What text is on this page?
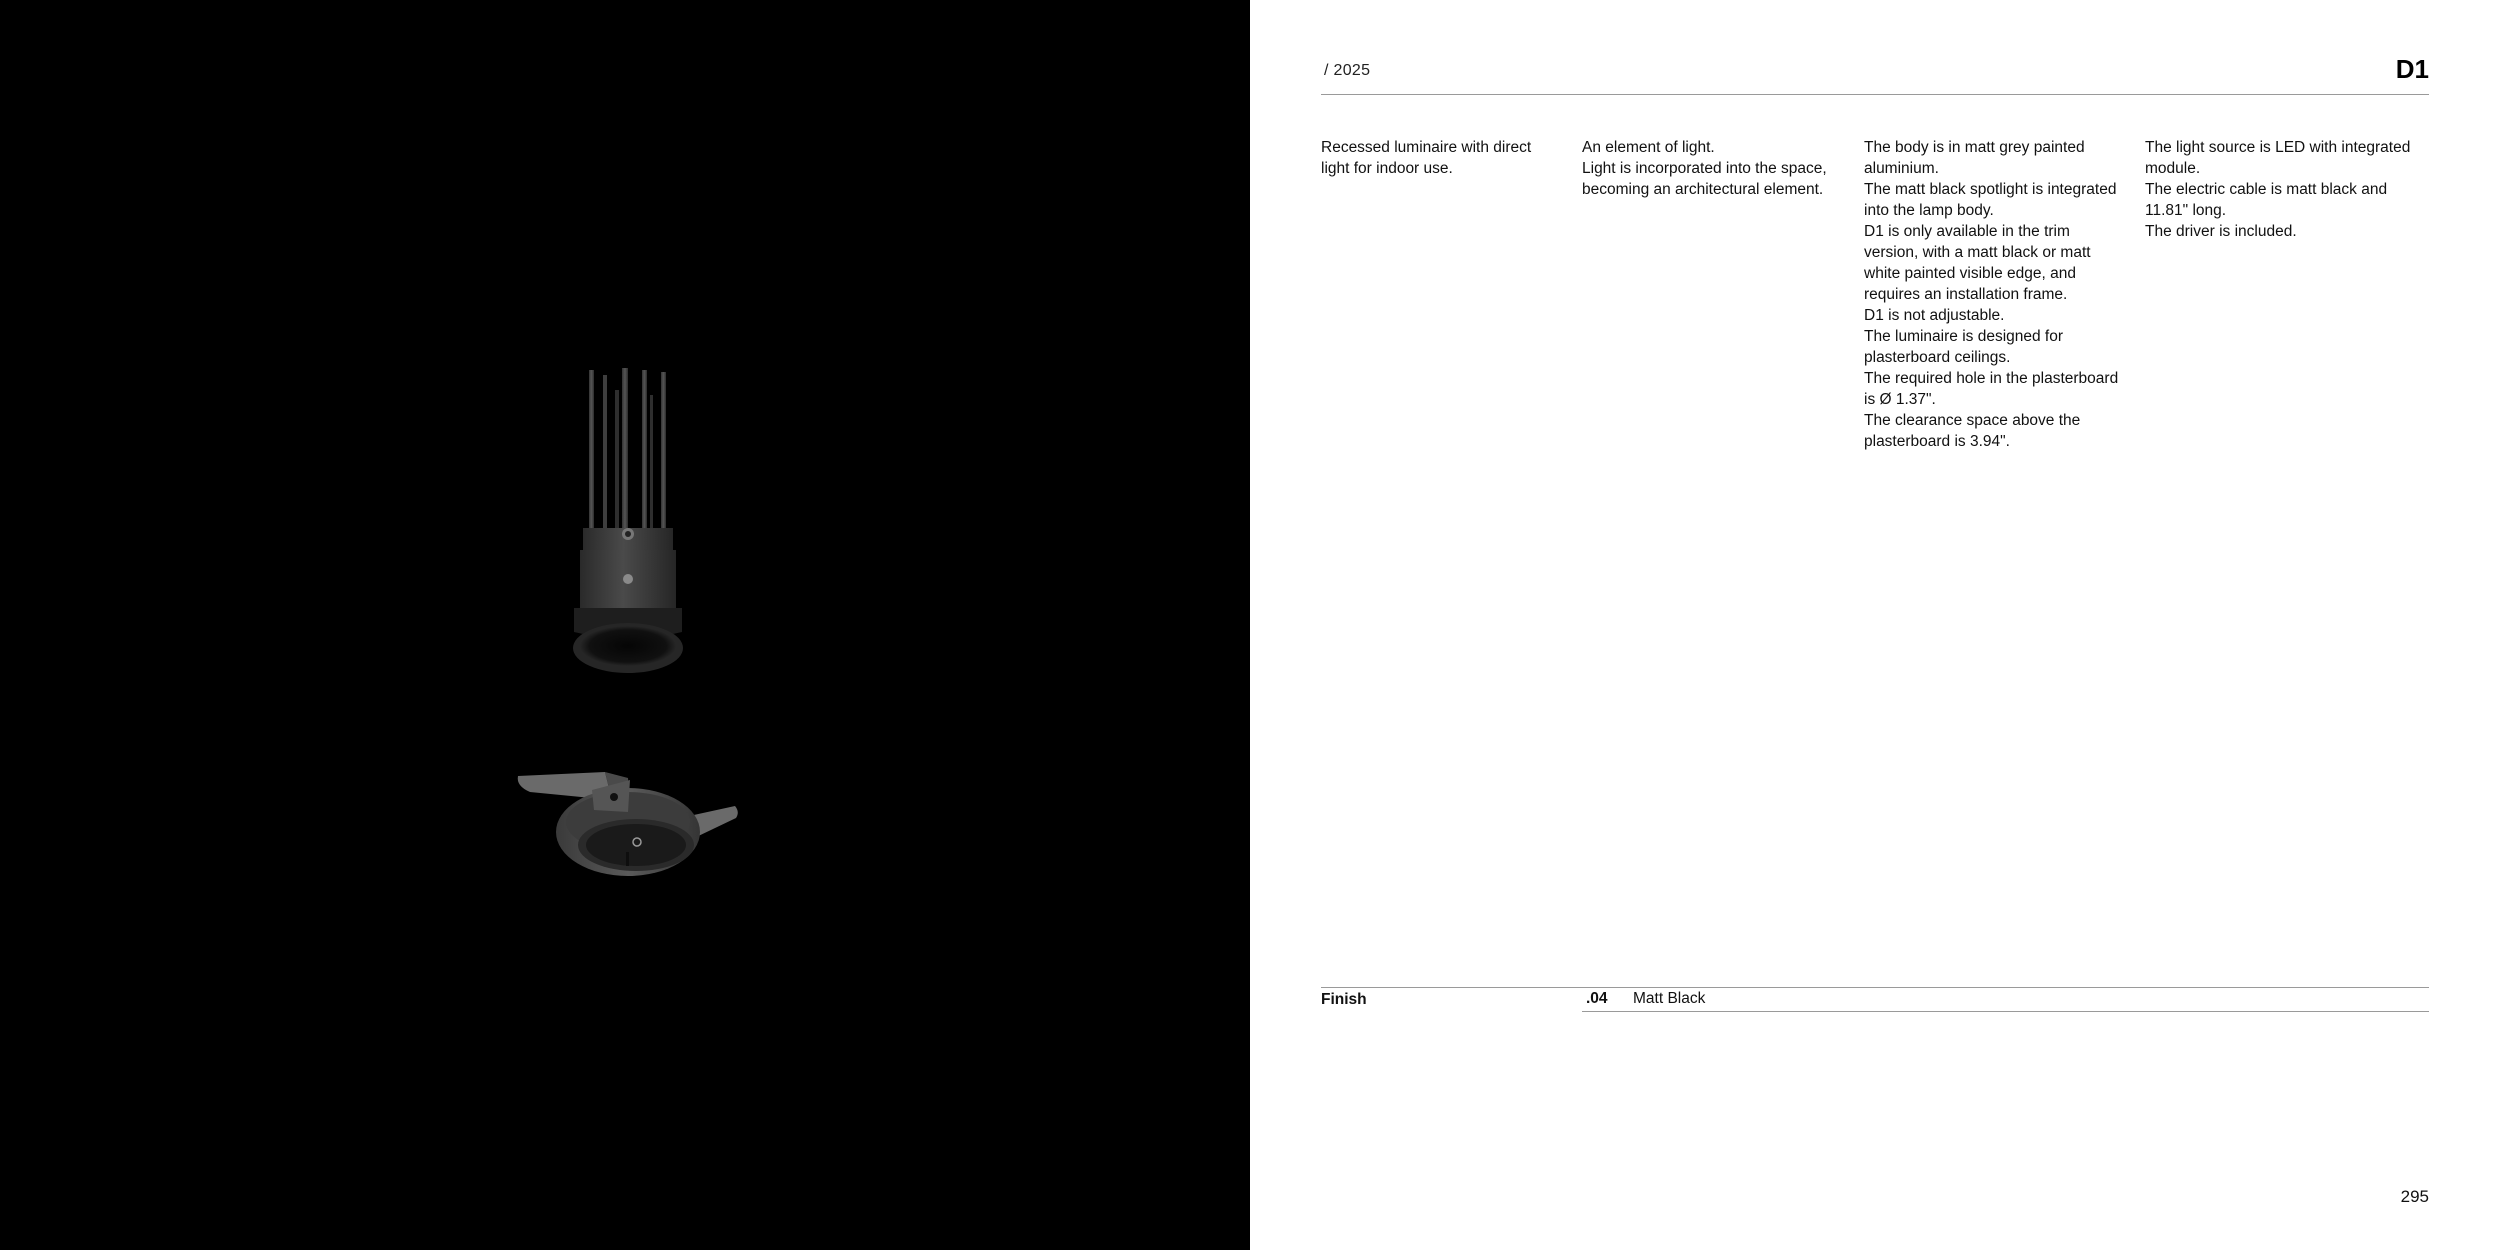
/ 2025	D1

Recessed luminaire with direct light for indoor use.

An element of light.

Light is incorporated into the space, becoming an architectural element.

The body is in matt grey painted aluminium.

The matt black spotlight is integrated into the lamp body.

D1 is only available in the trim version, with a matt black or matt white painted visible edge, and requires an installation frame.

D1 is not adjustable.

The luminaire is designed for plasterboard ceilings.

The required hole in the plasterboard is Ø 1.37".

The clearance space above the plasterboard is 3.94".

The light source is LED with integrated module.

The electric cable is matt black and 11.81" long.

The driver is included.

Finish	.04 Matt Black
295
